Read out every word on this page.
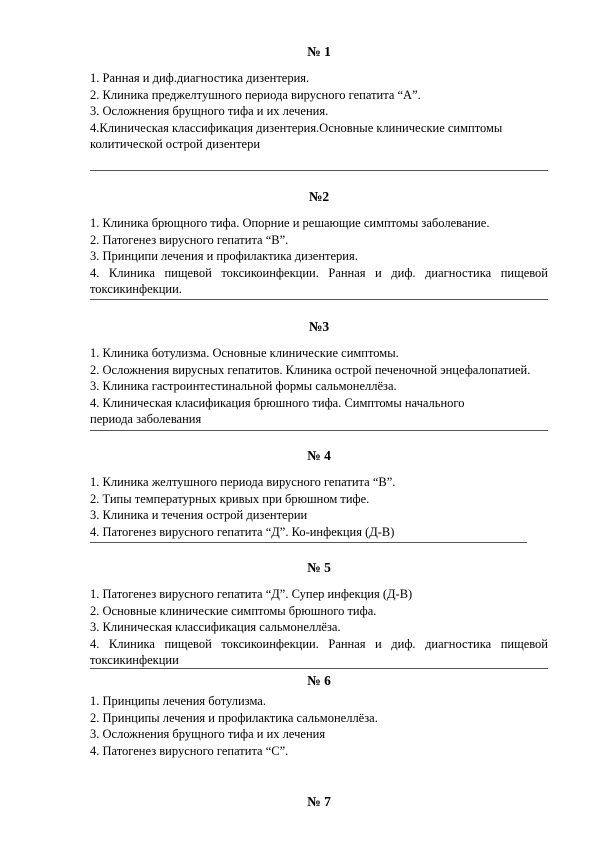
№ 1

1. Ранная и диф.диагностика дизентерия.

2. Клиника преджелтушного периода вирусного гепатита “А”.

3. Осложнения брущного тифа и их лечения.

4.Клиническая классификация дизентерия.Основные клинические симптомы колитической острой дизентери

№2

1. Клиника брющного тифа. Опорние и решающие симптомы заболевание.

2. Патогенез вирусного гепатита “В”.

3. Принципи лечения и профилактика дизентерия.

4. Клиника пищевой токсикоинфекции. Ранная и диф. диагностика пищевой токсикинфекции.

№3

1. Клиника ботулизма. Основные клинические симптомы.

2. Осложнения вирусных гепатитов. Клиника острой печеночной энцефалопатией.

3. Клиника гастроинтестинальной формы сальмонеллёза.

4. Клиническая класификация брюшного тифа. Симптомы начального периода заболевания

№ 4

1. Клиника желтушного периода вирусного гепатита “В”.

2. Типы температурных кривых при брюшном тифе.

3. Клиника и течения острой дизентерии

4. Патогенез вирусного гепатита “Д”. Ко-инфекция (Д-В)

№ 5

1. Патогенез вирусного гепатита “Д”. Супер инфекция (Д-В)

2. Основные клинические симптомы брюшного тифа.

3. Клиническая классификация сальмонеллёза.

4. Клиника пищевой токсикоинфекции. Ранная и диф. диагностика пищевой токсикинфекции

№ 6

1. Принципы лечения ботулизма.

2. Принципы лечения и профилактика сальмонеллёза.

3. Осложнения брущного тифа и их лечения

4. Патогенез вирусного гепатита “С”.

№ 7
